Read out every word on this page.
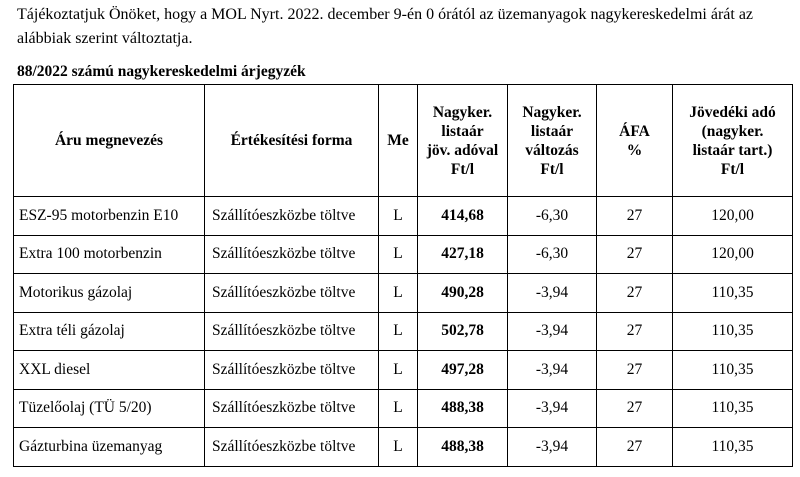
Tájékoztatjuk Önöket, hogy a MOL Nyrt. 2022. december 9-én 0 órától az üzemanyagok nagykereskedelmi árát az alábbiak szerint változtatja.

88/2022 számú nagykereskedelmi árjegyzék
Áru megnevezés	Értékesítési forma	Me	Nagyker.
listaár
jöv. adóval
Ft/l	Nagyker.
listaár
változás
Ft/l	ÁFA
%	Jövedéki adó
(nagyker.
listaár tart.)
Ft/l
ESZ-95 motorbenzin E10	Szállítóeszközbe töltve	L	414,68	-6,30	27	120,00
Extra 100 motorbenzin	Szállítóeszközbe töltve	L	427,18	-6,30	27	120,00
Motorikus gázolaj	Szállítóeszközbe töltve	L	490,28	-3,94	27	110,35
Extra téli gázolaj	Szállítóeszközbe töltve	L	502,78	-3,94	27	110,35
XXL diesel	Szállítóeszközbe töltve	L	497,28	-3,94	27	110,35
Tüzelőolaj (TÜ 5/20)	Szállítóeszközbe töltve	L	488,38	-3,94	27	110,35
Gázturbina üzemanyag	Szállítóeszközbe töltve	L	488,38	-3,94	27	110,35
